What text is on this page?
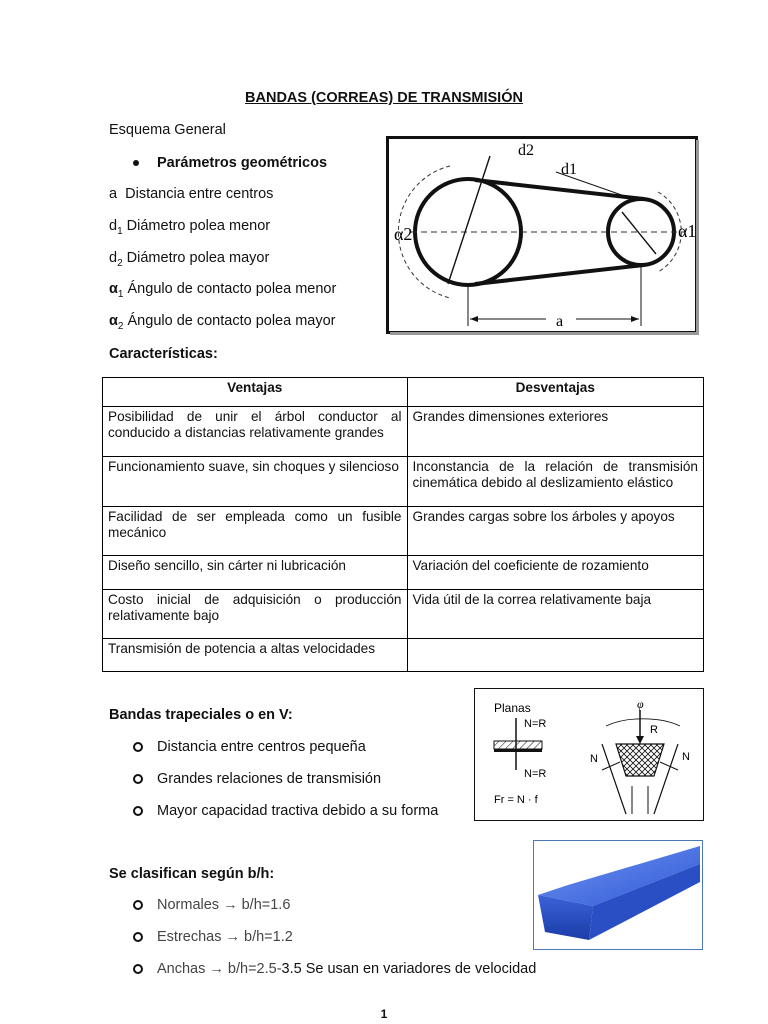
BANDAS (CORREAS) DE TRANSMISIÓN
Esquema General
Parámetros geométricos
a Distancia entre centros
$d_1$ Diámetro polea menor
$d_2$ Diámetro polea mayor
$\alpha_1$ Ángulo de contacto polea menor
$\alpha_2$ Ángulo de contacto polea mayor
d2
d1
α2	α1
a
Características:
Ventajas	Desventajas
Posibilidad de unir el árbol conductor al conducido a distancias relativamente grandes	Grandes dimensiones exteriores
Funcionamiento suave, sin choques y silencioso	Inconstancia de la relación de transmisión cinemática debido al deslizamiento elástico
Facilidad de ser empleada como un fusible mecánico	Grandes cargas sobre los árboles y apoyos
Diseño sencillo, sin cárter ni lubricación	Variación del coeficiente de rozamiento
Costo inicial de adquisición o producción relativamente bajo	Vida útil de la correa relativamente baja
Transmisión de potencia a altas velocidades	
Bandas trapeciales o en V:
Distancia entre centros pequeña
Grandes relaciones de transmisión
Mayor capacidad tractiva debido a su forma
Planas
N=R
N=R
Fr = N · f
φ
R
N	N
Se clasifican según b/h:
Normales → b/h=1.6
Estrechas → b/h=1.2
Anchas → b/h=2.5-3.5 Se usan en variadores de velocidad
1
